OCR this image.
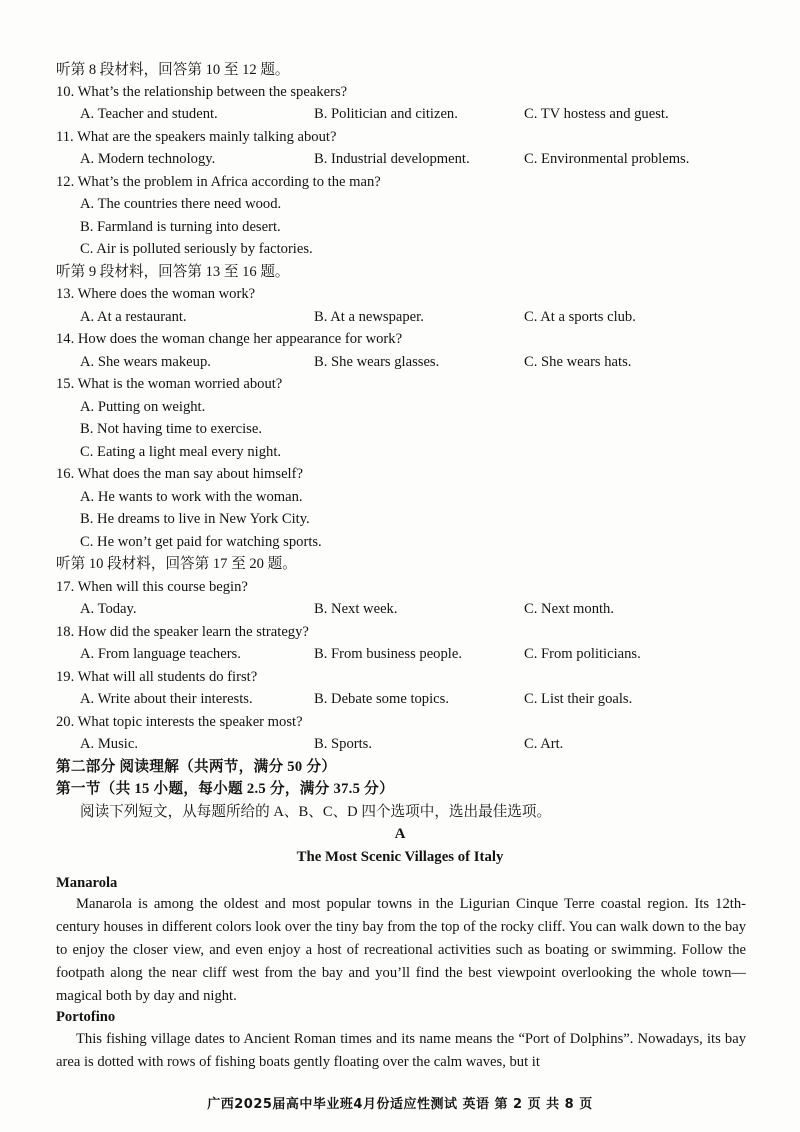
听第 8 段材料，回答第 10 至 12 题。
10. What’s the relationship between the speakers?
A. Teacher and student.	B. Politician and citizen.	C. TV hostess and guest.
11. What are the speakers mainly talking about?
A. Modern technology.	B. Industrial development.	C. Environmental problems.
12. What’s the problem in Africa according to the man?
A. The countries there need wood.
B. Farmland is turning into desert.
C. Air is polluted seriously by factories.
听第 9 段材料，回答第 13 至 16 题。
13. Where does the woman work?
A. At a restaurant.	B. At a newspaper.	C. At a sports club.
14. How does the woman change her appearance for work?
A. She wears makeup.	B. She wears glasses.	C. She wears hats.
15. What is the woman worried about?
A. Putting on weight.
B. Not having time to exercise.
C. Eating a light meal every night.
16. What does the man say about himself?
A. He wants to work with the woman.
B. He dreams to live in New York City.
C. He won’t get paid for watching sports.
听第 10 段材料，回答第 17 至 20 题。
17. When will this course begin?
A. Today.	B. Next week.	C. Next month.
18. How did the speaker learn the strategy?
A. From language teachers.	B. From business people.	C. From politicians.
19. What will all students do first?
A. Write about their interests.	B. Debate some topics.	C. List their goals.
20. What topic interests the speaker most?
A. Music.	B. Sports.	C. Art.
第二部分 阅读理解（共两节，满分 50 分）
第一节（共 15 小题，每小题 2.5 分，满分 37.5 分）
阅读下列短文，从每题所给的 A、B、C、D 四个选项中，选出最佳选项。
A
The Most Scenic Villages of Italy
Manarola
Manarola is among the oldest and most popular towns in the Ligurian Cinque Terre coastal region. Its 12th-century houses in different colors look over the tiny bay from the top of the rocky cliff. You can walk down to the bay to enjoy the closer view, and even enjoy a host of recreational activities such as boating or swimming. Follow the footpath along the near cliff west from the bay and you’ll find the best viewpoint overlooking the whole town—magical both by day and night.
Portofino
This fishing village dates to Ancient Roman times and its name means the “Port of Dolphins”. Nowadays, its bay area is dotted with rows of fishing boats gently floating over the calm waves, but it
广西2025届高中毕业班4月份适应性测试 英语 第 2 页 共 8 页
